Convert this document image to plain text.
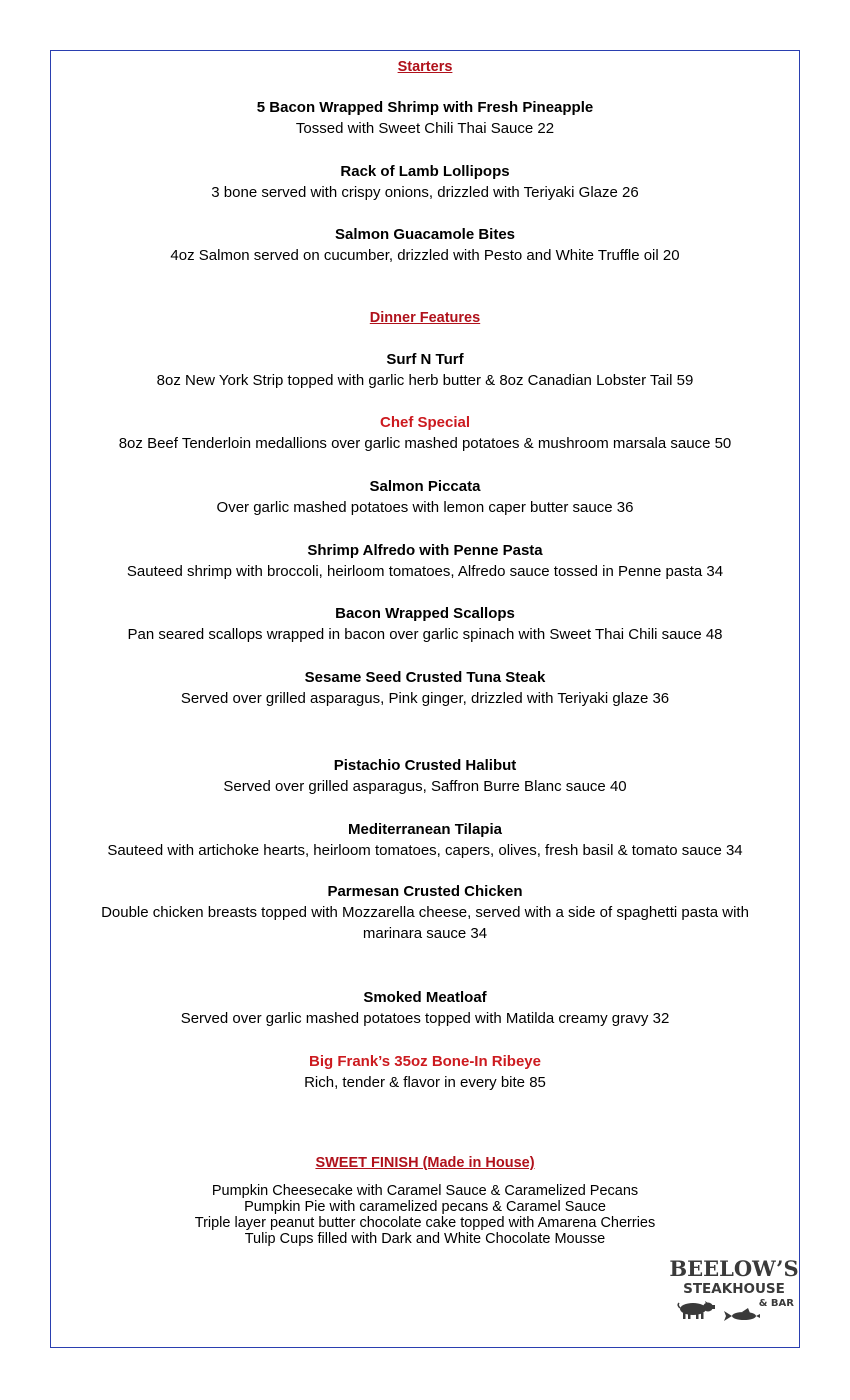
Starters
5 Bacon Wrapped Shrimp with Fresh Pineapple
Tossed with Sweet Chili Thai Sauce 22
Rack of Lamb Lollipops
3 bone served with crispy onions, drizzled with Teriyaki Glaze 26
Salmon Guacamole Bites
4oz Salmon served on cucumber, drizzled with Pesto and White Truffle oil 20
Dinner Features
Surf N Turf
8oz New York Strip topped with garlic herb butter & 8oz Canadian Lobster Tail 59
Chef Special
8oz Beef Tenderloin medallions over garlic mashed potatoes & mushroom marsala sauce 50
Salmon Piccata
Over garlic mashed potatoes with lemon caper butter sauce 36
Shrimp Alfredo with Penne Pasta
Sauteed shrimp with broccoli, heirloom tomatoes, Alfredo sauce tossed in Penne pasta 34
Bacon Wrapped Scallops
Pan seared scallops wrapped in bacon over garlic spinach with Sweet Thai Chili sauce 48
Sesame Seed Crusted Tuna Steak
Served over grilled asparagus, Pink ginger, drizzled with Teriyaki glaze 36
Pistachio Crusted Halibut
Served over grilled asparagus, Saffron Burre Blanc sauce 40
Mediterranean Tilapia
Sauteed with artichoke hearts, heirloom tomatoes, capers, olives, fresh basil & tomato sauce 34
Parmesan Crusted Chicken
Double chicken breasts topped with Mozzarella cheese, served with a side of spaghetti pasta with
marinara sauce 34
Smoked Meatloaf
Served over garlic mashed potatoes topped with Matilda creamy gravy 32
Big Frank’s 35oz Bone-In Ribeye
Rich, tender & flavor in every bite 85
SWEET FINISH (Made in House)
Pumpkin Cheesecake with Caramel Sauce & Caramelized Pecans
Pumpkin Pie with caramelized pecans & Caramel Sauce
Triple layer peanut butter chocolate cake topped with Amarena Cherries
Tulip Cups filled with Dark and White Chocolate Mousse
BEELOW’S
STEAKHOUSE
& BAR
